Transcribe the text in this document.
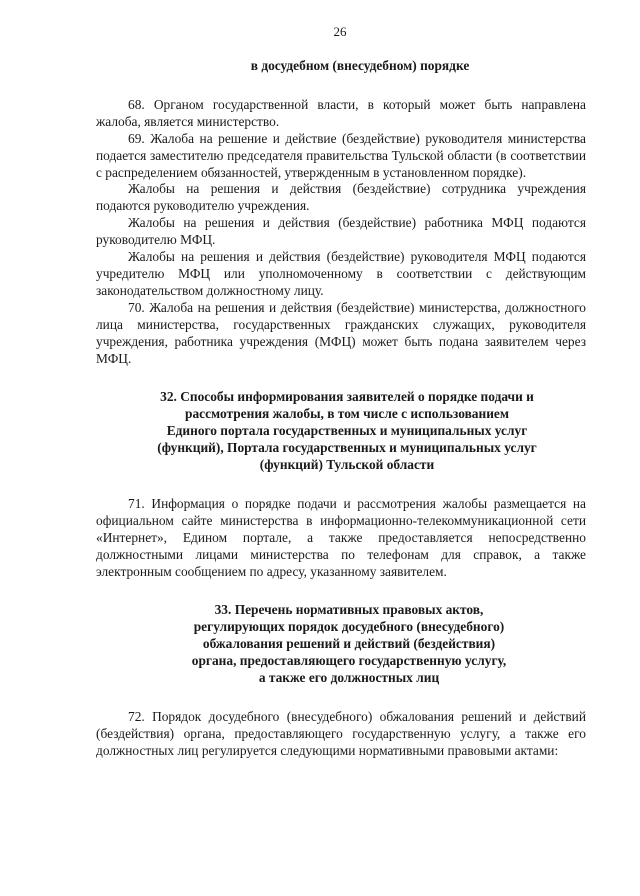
26
в досудебном (внесудебном) порядке

68. Органом государственной власти, в который может быть направлена жалоба, является министерство.

69. Жалоба на решение и действие (бездействие) руководителя министерства подается заместителю председателя правительства Тульской области (в соответствии с распределением обязанностей, утвержденным в установленном порядке).

Жалобы на решения и действия (бездействие) сотрудника учреждения подаются руководителю учреждения.

Жалобы на решения и действия (бездействие) работника МФЦ подаются руководителю МФЦ.

Жалобы на решения и действия (бездействие) руководителя МФЦ подаются учредителю МФЦ или уполномоченному в соответствии с действующим законодательством должностному лицу.

70. Жалоба на решения и действия (бездействие) министерства, должностного лица министерства, государственных гражданских служащих, руководителя учреждения, работника учреждения (МФЦ) может быть подана заявителем через МФЦ.

32. Способы информирования заявителей о порядке подачи и
рассмотрения жалобы, в том числе с использованием
Единого портала государственных и муниципальных услуг
(функций), Портала государственных и муниципальных услуг
(функций) Тульской области

71. Информация о порядке подачи и рассмотрения жалобы размещается на официальном сайте министерства в информационно-телекоммуникационной сети «Интернет», Едином портале, а также предоставляется непосредственно должностными лицами министерства по телефонам для справок, а также электронным сообщением по адресу, указанному заявителем.

33. Перечень нормативных правовых актов,
регулирующих порядок досудебного (внесудебного)
обжалования решений и действий (бездействия)
органа, предоставляющего государственную услугу,
а также его должностных лиц

72. Порядок досудебного (внесудебного) обжалования решений и действий (бездействия) органа, предоставляющего государственную услугу, а также его должностных лиц регулируется следующими нормативными правовыми актами:
